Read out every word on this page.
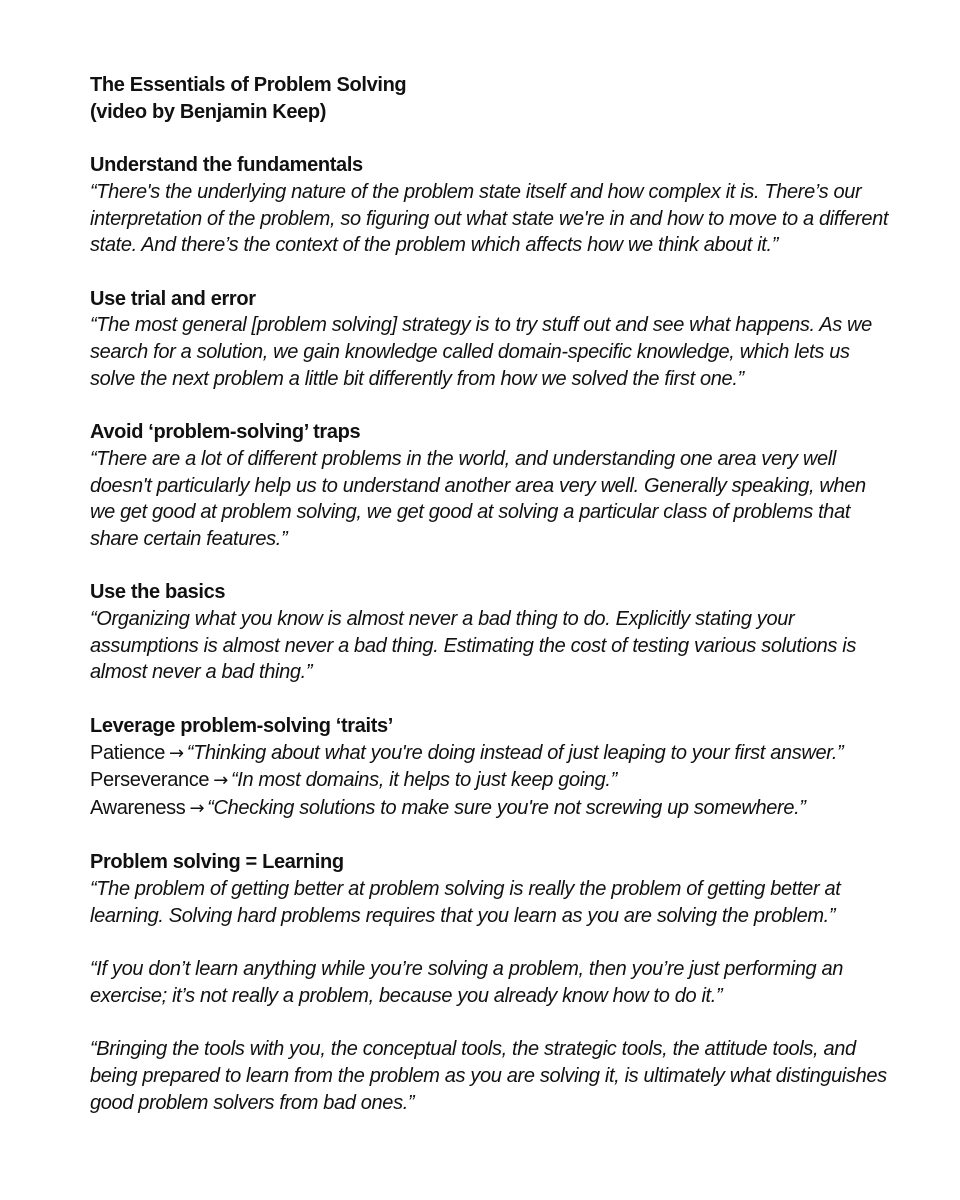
The Essentials of Problem Solving
(video by Benjamin Keep)
Understand the fundamentals
“There's the underlying nature of the problem state itself and how complex it is. There’s our interpretation of the problem, so figuring out what state we're in and how to move to a different state. And there’s the context of the problem which affects how we think about it.”
Use trial and error
“The most general [problem solving] strategy is to try stuff out and see what happens. As we search for a solution, we gain knowledge called domain-specific knowledge, which lets us solve the next problem a little bit differently from how we solved the first one.”
Avoid ‘problem-solving’ traps
“There are a lot of different problems in the world, and understanding one area very well doesn't particularly help us to understand another area very well. Generally speaking, when we get good at problem solving, we get good at solving a particular class of problems that share certain features.”
Use the basics
“Organizing what you know is almost never a bad thing to do. Explicitly stating your assumptions is almost never a bad thing. Estimating the cost of testing various solutions is almost never a bad thing.”
Leverage problem-solving ‘traits’
Patience → “Thinking about what you're doing instead of just leaping to your first answer.”
Perseverance → “In most domains, it helps to just keep going.”
Awareness → “Checking solutions to make sure you're not screwing up somewhere.”
Problem solving = Learning
“The problem of getting better at problem solving is really the problem of getting better at learning. Solving hard problems requires that you learn as you are solving the problem.”
“If you don’t learn anything while you’re solving a problem, then you’re just performing an exercise; it’s not really a problem, because you already know how to do it.”
“Bringing the tools with you, the conceptual tools, the strategic tools, the attitude tools, and being prepared to learn from the problem as you are solving it, is ultimately what distinguishes good problem solvers from bad ones.”
